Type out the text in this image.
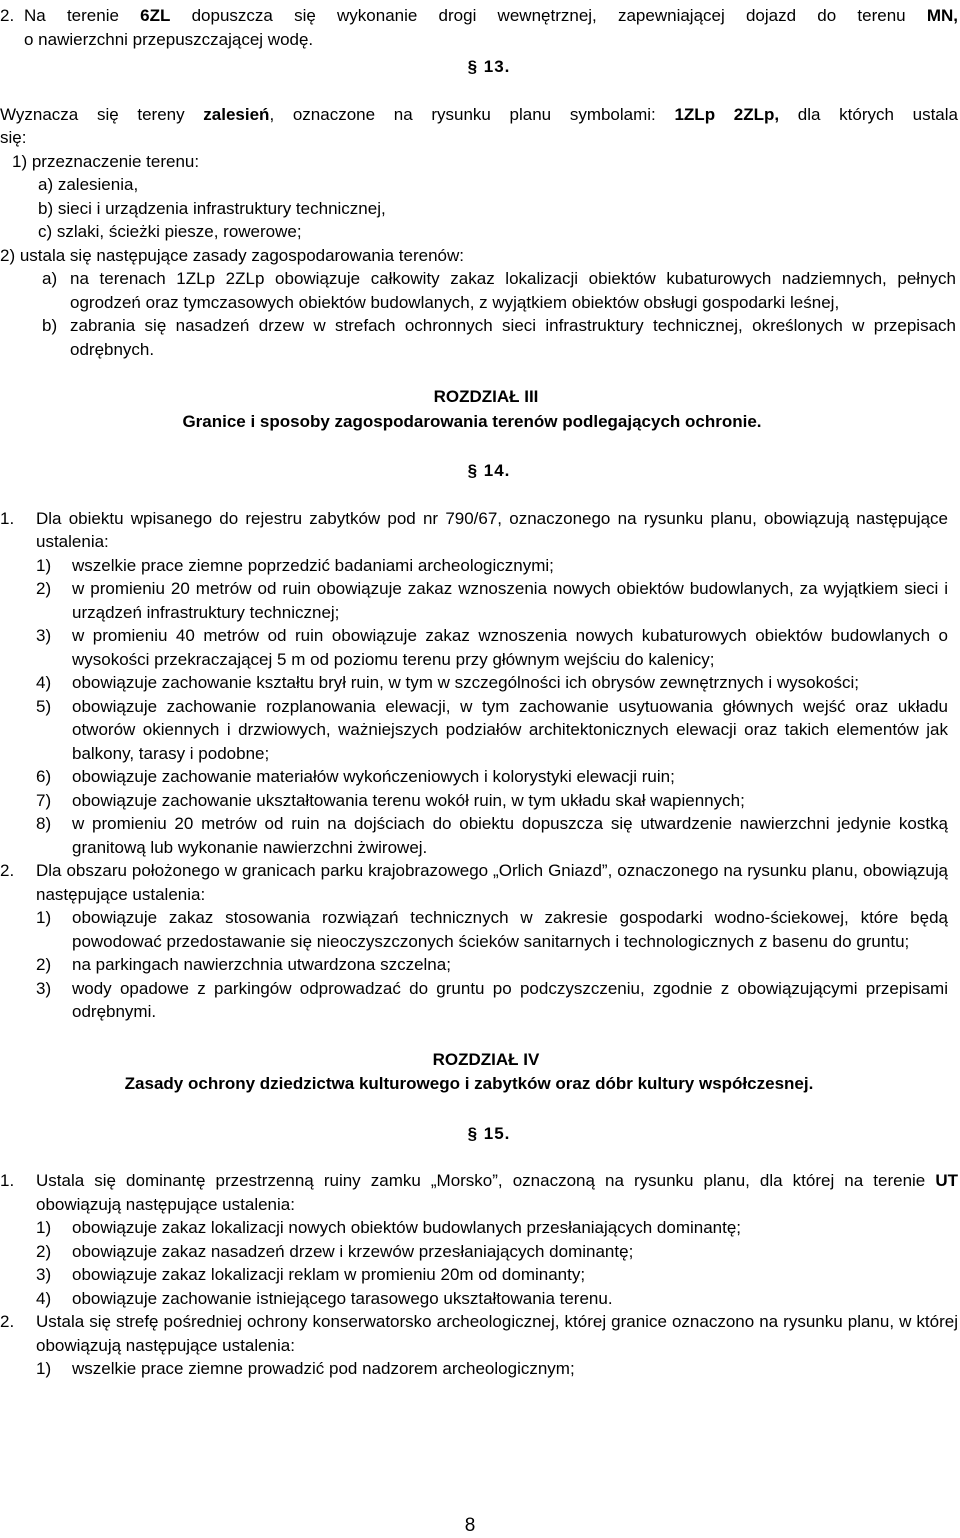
2. Na terenie 6ZL dopuszcza się wykonanie drogi wewnętrznej, zapewniającej dojazd do terenu MN,

o nawierzchni przepuszczającej wodę.

§ 13.

Wyznacza się tereny zalesień, oznaczone na rysunku planu symbolami: 1ZLp 2ZLp, dla których ustala

się:

1) przeznaczenie terenu:

a) zalesienia,

b) sieci i urządzenia infrastruktury technicznej,

c) szlaki, ścieżki piesze, rowerowe;

2) ustala się następujące zasady zagospodarowania terenów:

a) na terenach 1ZLp 2ZLp obowiązuje całkowity zakaz lokalizacji obiektów kubaturowych nadziemnych, pełnych ogrodzeń oraz tymczasowych obiektów budowlanych, z wyjątkiem obiektów obsługi gospodarki leśnej,

b) zabrania się nasadzeń drzew w strefach ochronnych sieci infrastruktury technicznej, określonych w przepisach odrębnych.

ROZDZIAŁ III
Granice i sposoby zagospodarowania terenów podlegających ochronie.
§ 14.
1. Dla obiektu wpisanego do rejestru zabytków pod nr 790/67, oznaczonego na rysunku planu, obowiązują następujące ustalenia:

1) wszelkie prace ziemne poprzedzić badaniami archeologicznymi;

2) w promieniu 20 metrów od ruin obowiązuje zakaz wznoszenia nowych obiektów budowlanych, za wyjątkiem sieci i urządzeń infrastruktury technicznej;

3) w promieniu 40 metrów od ruin obowiązuje zakaz wznoszenia nowych kubaturowych obiektów budowlanych o wysokości przekraczającej 5 m od poziomu terenu przy głównym wejściu do kalenicy;

4) obowiązuje zachowanie kształtu brył ruin, w tym w szczególności ich obrysów zewnętrznych i wysokości;

5) obowiązuje zachowanie rozplanowania elewacji, w tym zachowanie usytuowania głównych wejść oraz układu otworów okiennych i drzwiowych, ważniejszych podziałów architektonicznych elewacji oraz takich elementów jak balkony, tarasy i podobne;

6) obowiązuje zachowanie materiałów wykończeniowych i kolorystyki elewacji ruin;

7) obowiązuje zachowanie ukształtowania terenu wokół ruin, w tym układu skał wapiennych;

8) w promieniu 20 metrów od ruin na dojściach do obiektu dopuszcza się utwardzenie nawierzchni jedynie kostką granitową lub wykonanie nawierzchni żwirowej.

2. Dla obszaru położonego w granicach parku krajobrazowego „Orlich Gniazd”, oznaczonego na rysunku planu, obowiązują następujące ustalenia:

1) obowiązuje zakaz stosowania rozwiązań technicznych w zakresie gospodarki wodno-ściekowej, które będą powodować przedostawanie się nieoczyszczonych ścieków sanitarnych i technologicznych z basenu do gruntu;

2) na parkingach nawierzchnia utwardzona szczelna;

3) wody opadowe z parkingów odprowadzać do gruntu po podczyszczeniu, zgodnie z obowiązującymi przepisami odrębnymi.

ROZDZIAŁ IV
Zasady ochrony dziedzictwa kulturowego i zabytków oraz dóbr kultury współczesnej.
§ 15.
1. Ustala się dominantę przestrzenną ruiny zamku „Morsko”, oznaczoną na rysunku planu, dla której na terenie UT obowiązują następujące ustalenia:

1) obowiązuje zakaz lokalizacji nowych obiektów budowlanych przesłaniających dominantę;

2) obowiązuje zakaz nasadzeń drzew i krzewów przesłaniających dominantę;

3) obowiązuje zakaz lokalizacji reklam w promieniu 20m od dominanty;

4) obowiązuje zachowanie istniejącego tarasowego ukształtowania terenu.

2. Ustala się strefę pośredniej ochrony konserwatorsko archeologicznej, której granice oznaczono na rysunku planu, w której obowiązują następujące ustalenia:

1) wszelkie prace ziemne prowadzić pod nadzorem archeologicznym;

8
